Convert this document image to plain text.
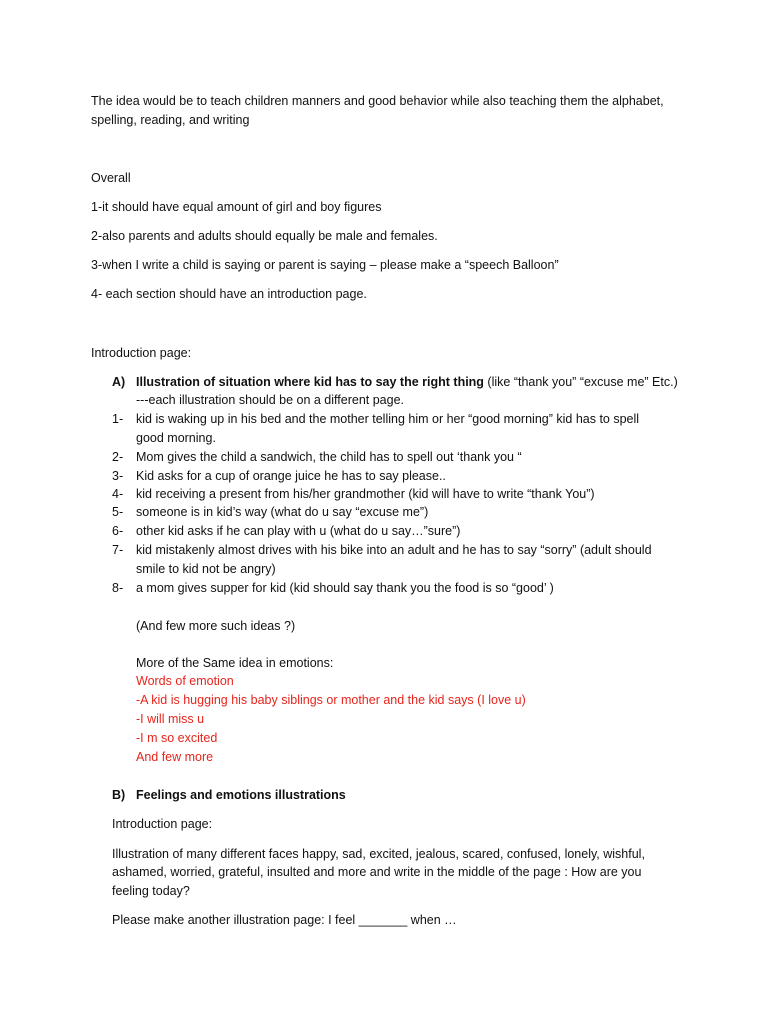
The idea would be to teach children manners and good behavior while also teaching them the alphabet,
spelling, reading, and writing
Overall
1-it should have equal amount of girl and boy figures
2-also parents and adults should equally be male and females.
3-when I write a child is saying or parent is saying – please make a “speech Balloon”
4- each section should have an introduction page.
Introduction page:
A) Illustration of situation where kid has to say the right thing (like “thank you” “excuse me” Etc.)
---each illustration should be on a different page.
1- kid is waking up in his bed and the mother telling him or her “good morning” kid has to spell
good morning.
2- Mom gives the child a sandwich, the child has to spell out ‘thank you “
3- Kid asks for a cup of orange juice he has to say please..
4- kid receiving a present from his/her grandmother (kid will have to write “thank You”)
5- someone is in kid’s way (what do u say “excuse me”)
6- other kid asks if he can play with u (what do u say…”sure”)
7- kid mistakenly almost drives with his bike into an adult and he has to say “sorry” (adult should
smile to kid not be angry)
8- a mom gives supper for kid (kid should say thank you the food is so “good’ )
(And few more such ideas ?)
More of the Same idea in emotions:
Words of emotion
-A kid is hugging his baby siblings or mother and the kid says (I love u)
-I will miss u
-I m so excited
And few more
B) Feelings and emotions illustrations
Introduction page:
Illustration of many different faces happy, sad, excited, jealous, scared, confused, lonely, wishful,
ashamed, worried, grateful, insulted and more and write in the middle of the page : How are you
feeling today?
Please make another illustration page: I feel _______ when …
